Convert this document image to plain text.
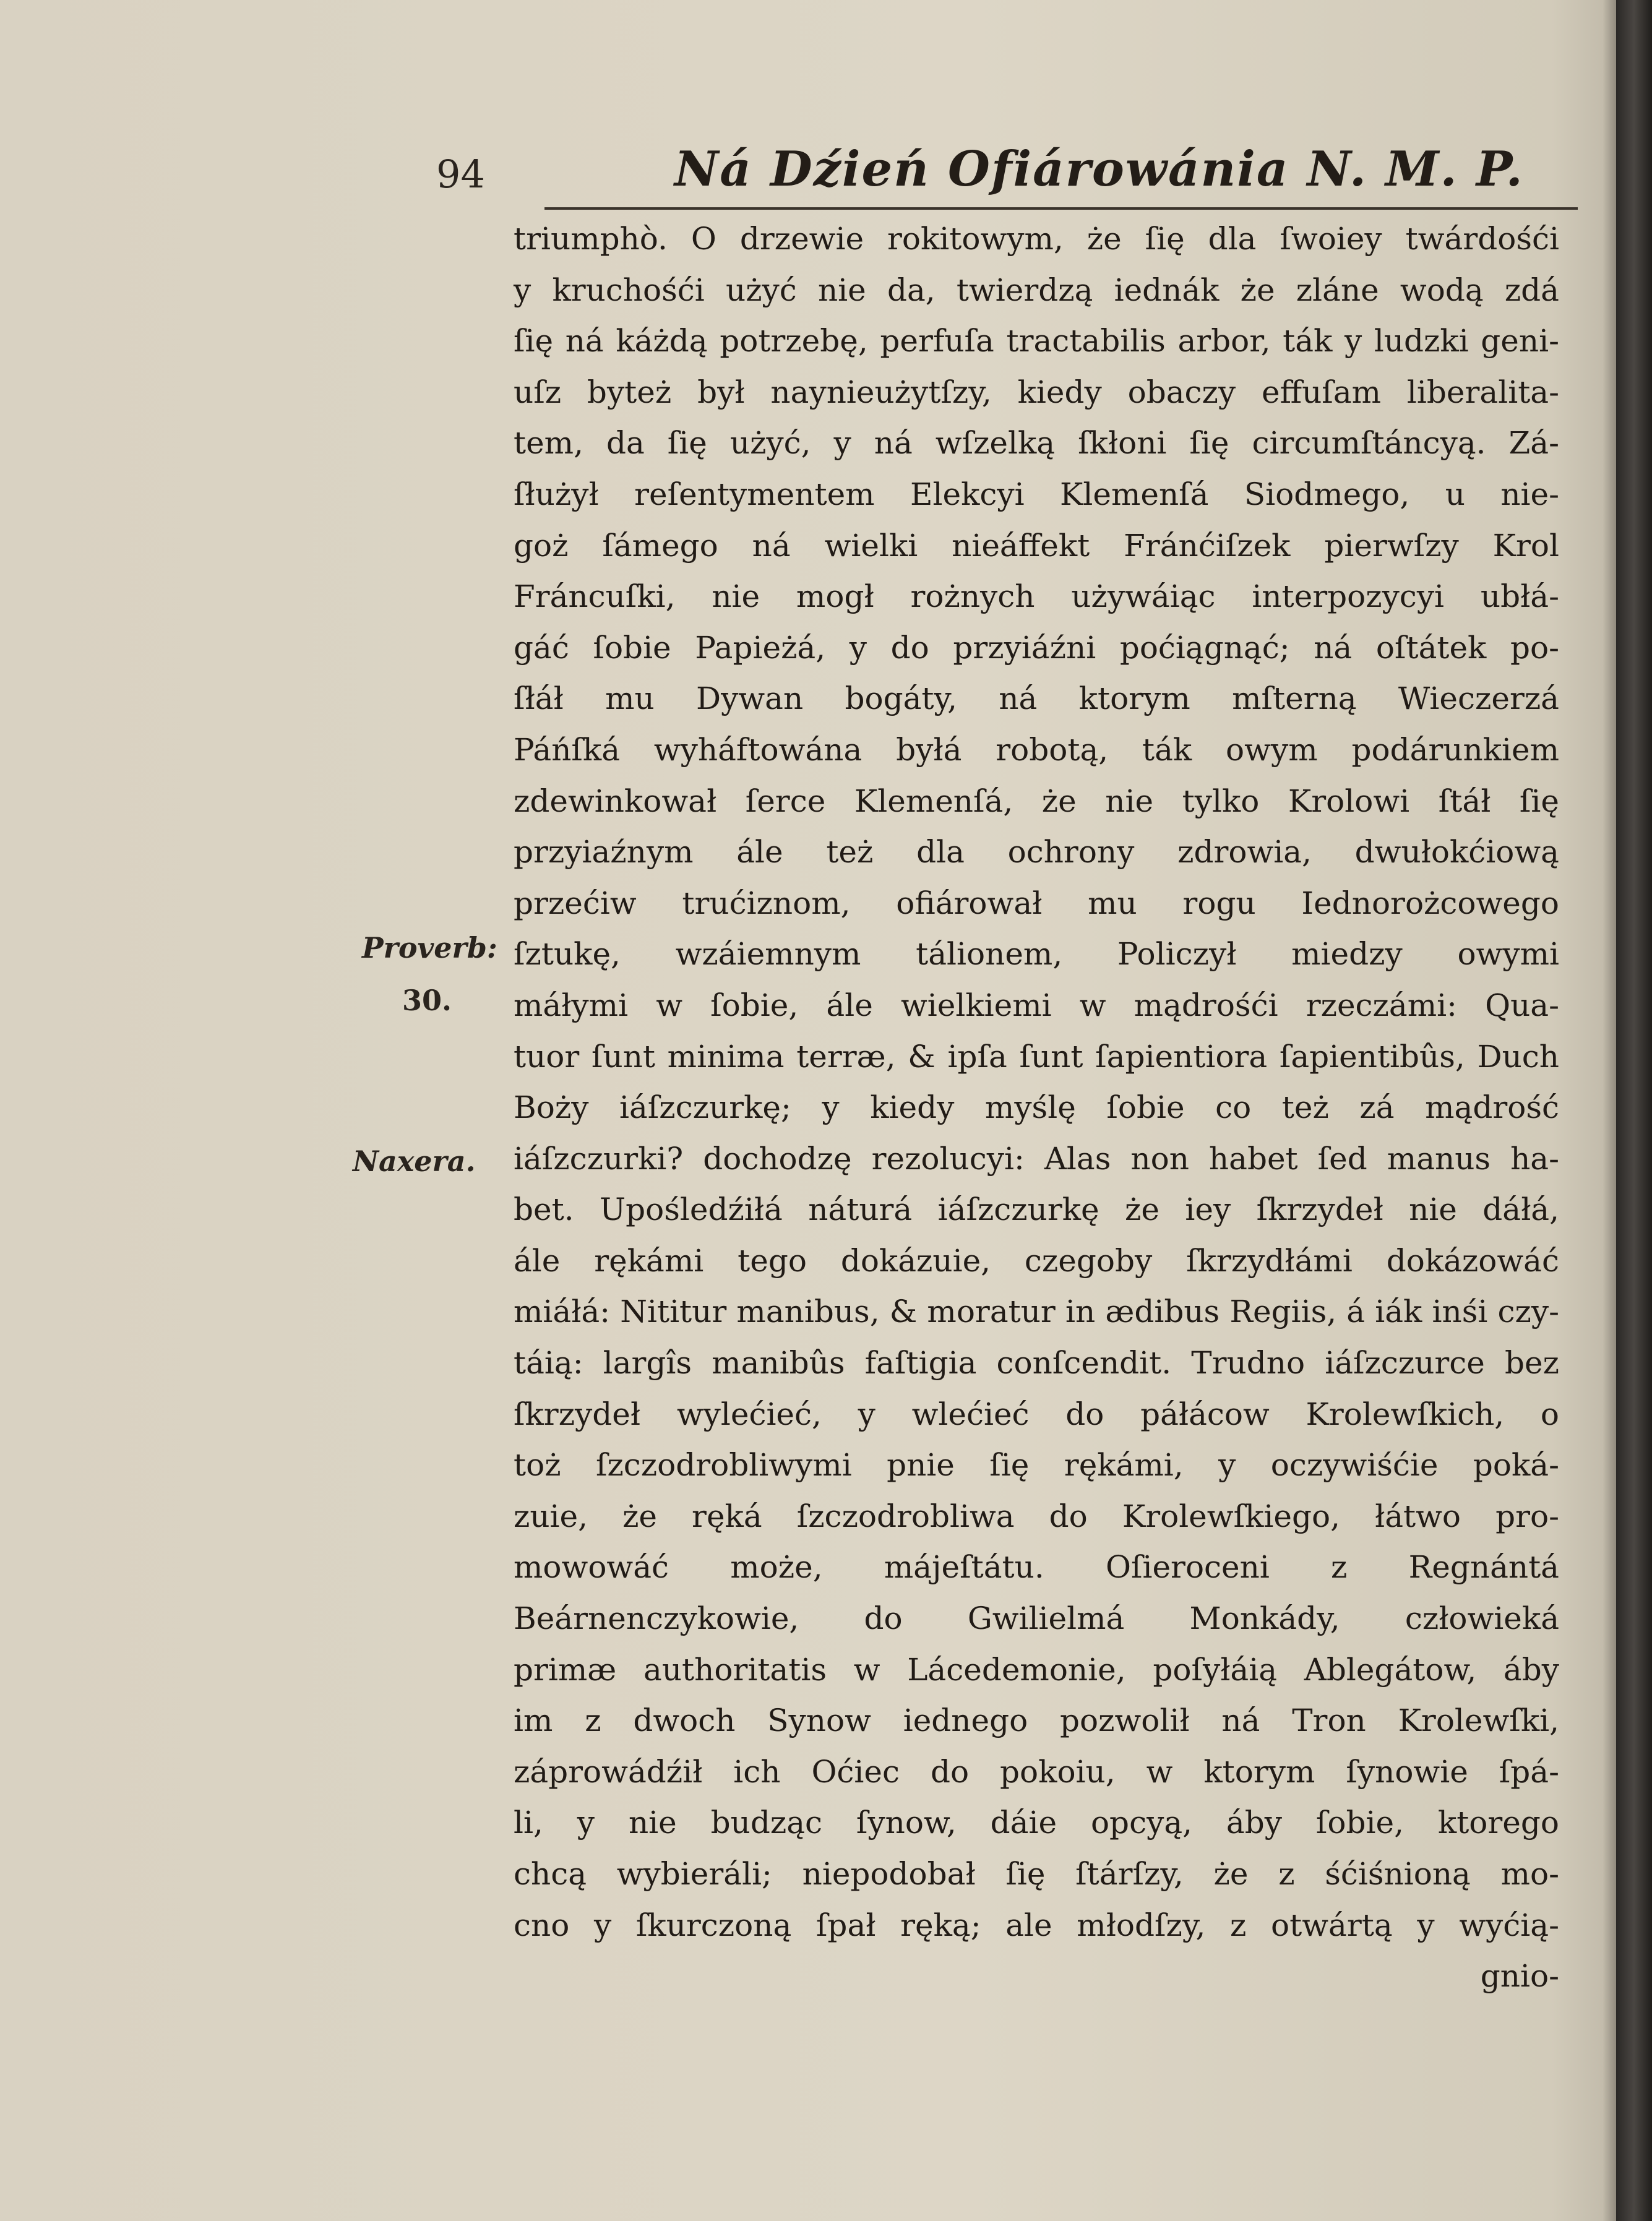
94	Ná Dźień Ofiárowánia N. M. P.
Proverb:
30.
Naxera.
triumphò. O drzewie rokitowym, że ſię dla ſwoiey twárdośći
y kruchośći użyć nie da, twierdzą iednák że zláne wodą zdá
ſię ná káżdą potrzebę, perfuſa tractabilis arbor, ták y ludzki geni-
uſz byteż był naynieużytſzy, kiedy obaczy effuſam liberalita-
tem, da ſię użyć, y ná wſzelką ſkłoni ſię circumſtáncyą. Zá-
ſłużył reſentymentem Elekcyi Klemenſá Siodmego, u nie-
goż ſámego ná wielki nieáffekt Fránćiſzek pierwſzy Krol
Fráncuſki, nie mogł rożnych używáiąc interpozycyi ubłá-
gáć ſobie Papieżá, y do przyiáźni poćiągnąć; ná oſtátek po-
ſłáł mu Dywan bogáty, ná ktorym mſterną Wieczerzá
Páńſká wyháftowána byłá robotą, ták owym podárunkiem
zdewinkował ſerce Klemenſá, że nie tylko Krolowi ſtáł ſię
przyiaźnym ále też dla ochrony zdrowia, dwułokćiową
przećiw trućiznom, ofiárował mu rogu Iednorożcowego
ſztukę, wzáiemnym tálionem, Policzył miedzy owymi
máłymi w ſobie, ále wielkiemi w mądrośći rzeczámi: Qua-
tuor ſunt minima terræ, & ipſa ſunt ſapientiora ſapientibûs, Duch
Boży iáſzczurkę; y kiedy myślę ſobie co też zá mądrość
iáſzczurki? dochodzę rezolucyi: Alas non habet ſed manus ha-
bet. Upośledźiłá náturá iáſzczurkę że iey ſkrzydeł nie dáłá,
ále rękámi tego dokázuie, czegoby ſkrzydłámi dokázowáć
miáłá: Nititur manibus, & moratur in ædibus Regiis, á iák inśi czy-
táią: largîs manibûs faſtigia conſcendit. Trudno iáſzczurce bez
ſkrzydeł wylećieć, y wlećieć do páłácow Krolewſkich, o
toż ſzczodrobliwymi pnie ſię rękámi, y oczywiśćie poká-
zuie, że ręká ſzczodrobliwa do Krolewſkiego, łátwo pro-
mowowáć może, májeſtátu. Oſieroceni z Regnántá
Beárnenczykowie, do Gwilielmá Monkády, człowieká
primæ authoritatis w Lácedemonie, poſyłáią Ablegátow, áby
im z dwoch Synow iednego pozwolił ná Tron Krolewſki,
záprowádźił ich Oćiec do pokoiu, w ktorym ſynowie ſpá-
li, y nie budząc ſynow, dáie opcyą, áby ſobie, ktorego
chcą wybieráli; niepodobał ſię ſtárſzy, że z śćiśnioną mo-
cno y ſkurczoną ſpał ręką; ale młodſzy, z otwártą y wyćią-
gnio-
